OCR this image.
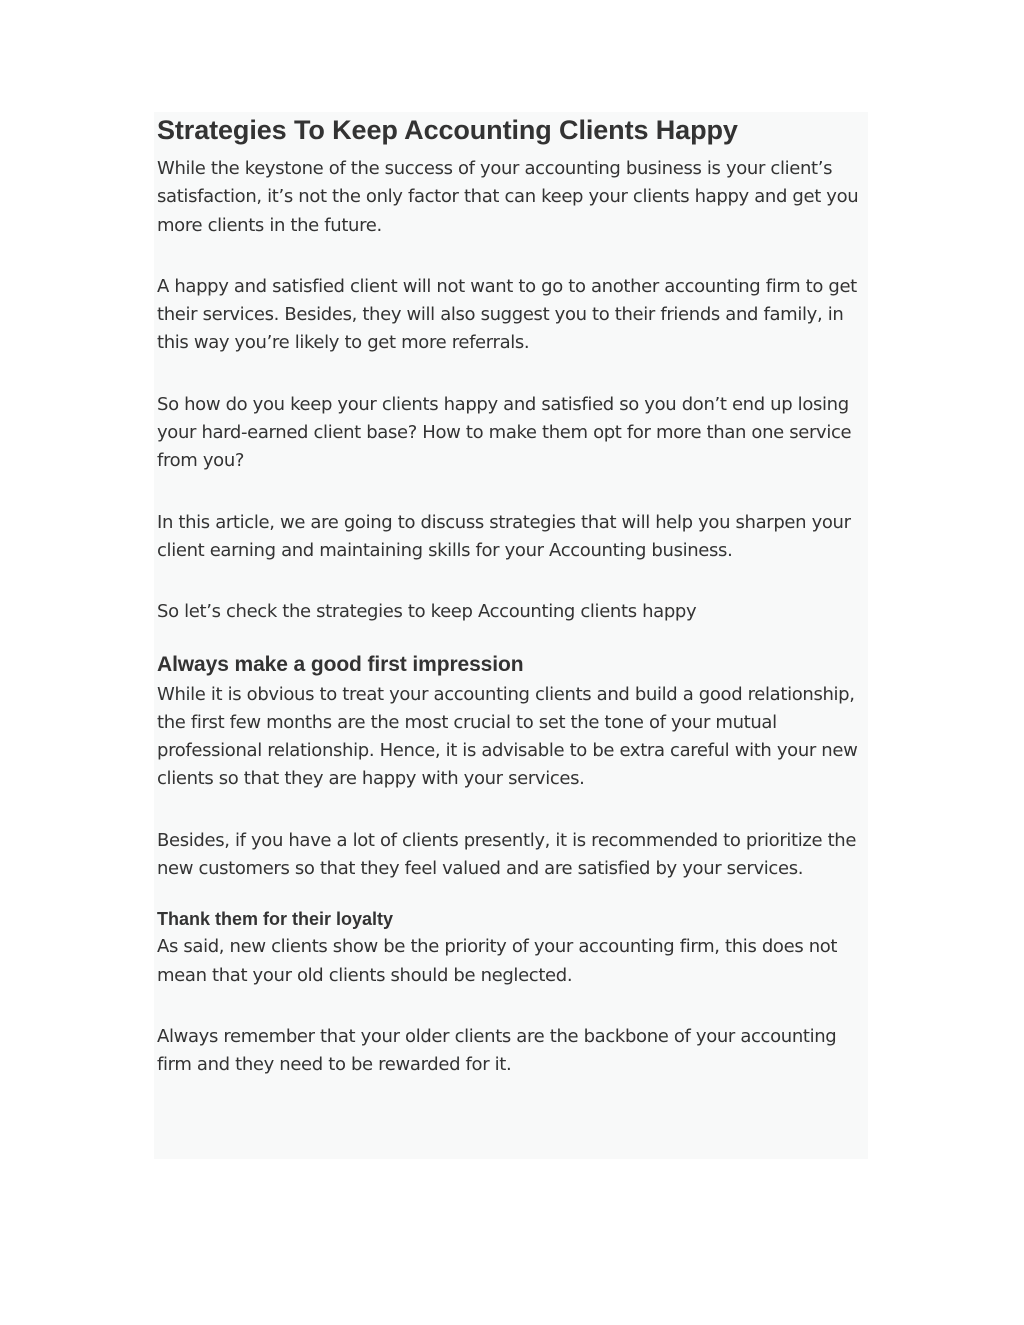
Strategies To Keep Accounting Clients Happy

While the keystone of the success of your accounting business is your client’s satisfaction, it’s not the only factor that can keep your clients happy and get you more clients in the future.

A happy and satisfied client will not want to go to another accounting firm to get their services. Besides, they will also suggest you to their friends and family, in this way you’re likely to get more referrals.

So how do you keep your clients happy and satisfied so you don’t end up losing your hard-earned client base? How to make them opt for more than one service from you?

In this article, we are going to discuss strategies that will help you sharpen your client earning and maintaining skills for your Accounting business.

So let’s check the strategies to keep Accounting clients happy

Always make a good first impression

While it is obvious to treat your accounting clients and build a good relationship, the first few months are the most crucial to set the tone of your mutual professional relationship. Hence, it is advisable to be extra careful with your new clients so that they are happy with your services.

Besides, if you have a lot of clients presently, it is recommended to prioritize the new customers so that they feel valued and are satisfied by your services.

Thank them for their loyalty

As said, new clients show be the priority of your accounting firm, this does not mean that your old clients should be neglected.

Always remember that your older clients are the backbone of your accounting firm and they need to be rewarded for it.
